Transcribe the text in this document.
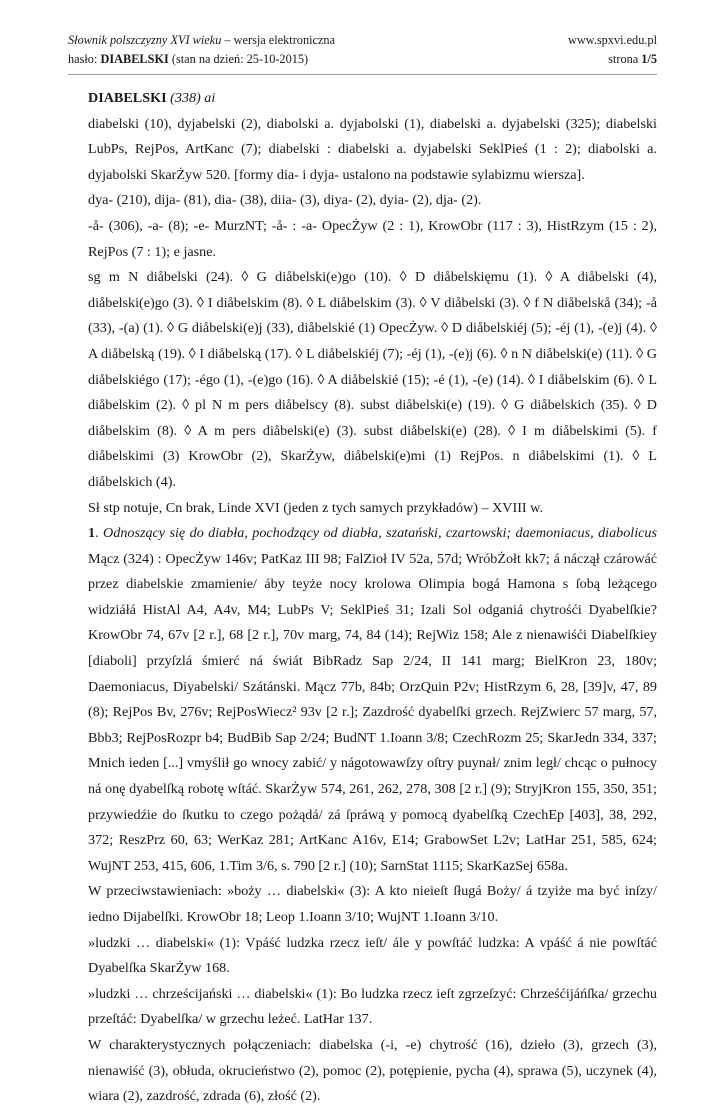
Słownik polszczyzny XVI wieku – wersja elektroniczna	www.spxvi.edu.pl
hasło: DIABELSKI (stan na dzień: 25-10-2015)	strona 1/5

DIABELSKI (338) ai

diabelski (10), dyjabelski (2), diabolski a. dyjabolski (1), diabelski a. dyjabelski (325); diabelski LubPs, RejPos, ArtKanc (7); diabelski : diabelski a. dyjabelski SeklPieś (1 : 2); diabolski a. dyjabolski SkarŻyw 520. [formy dia- i dyja- ustalono na podstawie sylabizmu wiersza].

dya- (210), dija- (81), dia- (38), diia- (3), diya- (2), dyia- (2), dja- (2).

-å- (306), -a- (8); -e- MurzNT; -å- : -a- OpecŻyw (2 : 1), KrowObr (117 : 3), HistRzym (15 : 2), RejPos (7 : 1); e jasne.

sg m N diåbelski (24). ◊ G diåbelski(e)go (10). ◊ D diåbelskięmu (1). ◊ A diåbelski (4), diåbelski(e)go (3). ◊ I diåbelskim (8). ◊ L diåbelskim (3). ◊ V diåbelski (3). ◊ f N diåbelskå (34); -å (33), -(a) (1). ◊ G diåbelski(e)j (33), diåbelskié (1) OpecŻyw. ◊ D diåbelskiéj (5); -éj (1), -(e)j (4). ◊ A diåbelską (19). ◊ I diåbelską (17). ◊ L diåbelskiéj (7); -éj (1), -(e)j (6). ◊ n N diåbelski(e) (11). ◊ G diåbelskiégo (17); -égo (1), -(e)go (16). ◊ A diåbelskié (15); -é (1), -(e) (14). ◊ I diåbelskim (6). ◊ L diåbelskim (2). ◊ pl N m pers diåbelscy (8). subst diåbelski(e) (19). ◊ G diåbelskich (35). ◊ D diåbelskim (8). ◊ A m pers diåbelski(e) (3). subst diåbelski(e) (28). ◊ I m diåbelskimi (5). f diåbelskimi (3) KrowObr (2), SkarŻyw, diåbelski(e)mi (1) RejPos. n diåbelskimi (1). ◊ L diåbelskich (4).

Sł stp notuje, Cn brak, Linde XVI (jeden z tych samych przykładów) – XVIII w.

1. Odnoszący się do diabła, pochodzący od diabła, szatański, czartowski; daemoniacus, diabolicus Mącz (324) : OpecŻyw 146v; PatKaz III 98; FalZioł IV 52a, 57d; WróbŻołt kk7; á náczął czárowáć przez diabelskie zmamienie/ áby teyże nocy krolowa Olimpia bogá Hamona s ſobą leżącego widziáłá HistAl A4, A4v, M4; LubPs V; SeklPieś 31; Izali Sol odganiá chytrośći Dyabelſkie? KrowObr 74, 67v [2 r.], 68 [2 r.], 70v marg, 74, 84 (14); RejWiz 158; Ale z nienawiśći Diabelſkiey [diaboli] przyſzlá śmierć ná świát BibRadz Sap 2/24, II 141 marg; BielKron 23, 180v; Daemoniacus, Diyabelski/ Szátánski. Mącz 77b, 84b; OrzQuin P2v; HistRzym 6, 28, [39]v, 47, 89 (8); RejPos Bv, 276v; RejPosWiecz² 93v [2 r.]; Zazdrość dyabelſki grzech. RejZwierc 57 marg, 57, Bbb3; RejPosRozpr b4; BudBib Sap 2/24; BudNT 1.Ioann 3/8; CzechRozm 25; SkarJedn 334, 337; Mnich ieden [...] vmyślił go wnocy zabić/ y nágotowawſzy oſtry puynał/ znim legł/ chcąc o pułnocy ná onę dyabelſką robotę wſtáć. SkarŻyw 574, 261, 262, 278, 308 [2 r.] (9); StryjKron 155, 350, 351; przywiedźie do ſkutku to czego pożądá/ zá ſpráwą y pomocą dyabelſką CzechEp [403], 38, 292, 372; ReszPrz 60, 63; WerKaz 281; ArtKanc A16v, E14; GrabowSet L2v; LatHar 251, 585, 624; WujNT 253, 415, 606, 1.Tim 3/6, s. 790 [2 r.] (10); SarnStat 1115; SkarKazSej 658a.

W przeciwstawieniach: »boży … diabelski« (3): A kto nieieſt ſługá Boży/ á tzyiże ma być inſzy/ iedno Dijabelſki. KrowObr 18; Leop 1.Ioann 3/10; WujNT 1.Ioann 3/10.

»ludzki … diabelski« (1): Vpáść ludzka rzecz ieſt/ ále y powſtáć ludzka: A vpáść á nie powſtáć Dyabelſka SkarŻyw 168.

»ludzki … chrześcijański … diabelski« (1): Bo ludzka rzecz ieſt zgrzeſzyć: Chrześćijáńſka/ grzechu przeſtáć: Dyabelſka/ w grzechu leżeć. LatHar 137.

W charakterystycznych połączeniach: diabelska (-i, -e) chytrość (16), dzieło (3), grzech (3), nienawiść (3), obłuda, okrucieństwo (2), pomoc (2), potępienie, pycha (4), sprawa (5), uczynek (4), wiara (2), zazdrość, zdrada (6), złość (2).
